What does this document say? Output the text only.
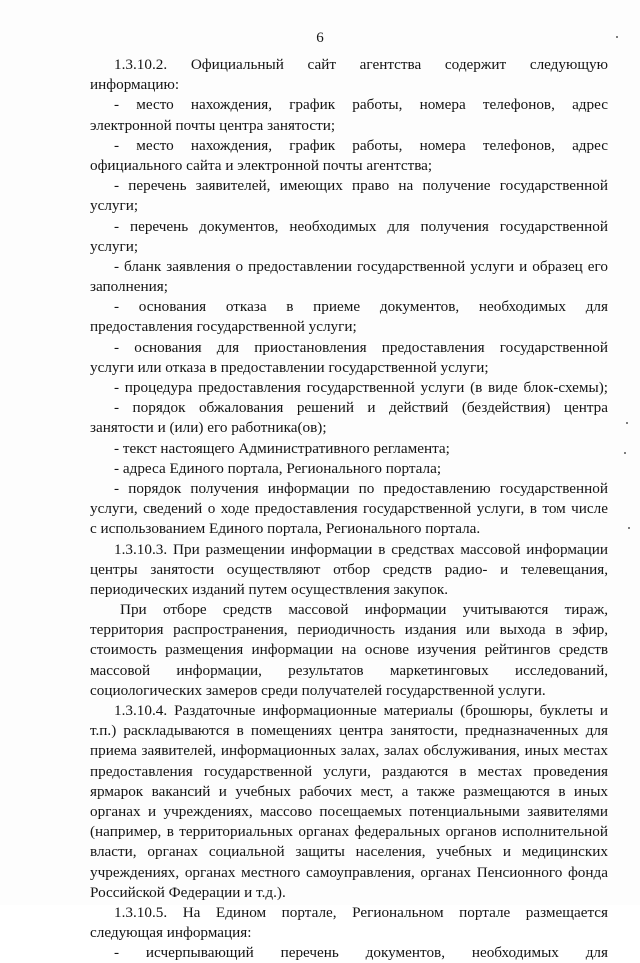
6
1.3.10.2. Официальный сайт агентства содержит следующую
информацию:
- место нахождения, график работы, номера телефонов, адрес
электронной почты центра занятости;
- место нахождения, график работы, номера телефонов, адрес
официального сайта и электронной почты агентства;
- перечень заявителей, имеющих право на получение государственной
услуги;
- перечень документов, необходимых для получения государственной
услуги;
- бланк заявления о предоставлении государственной услуги и образец его
заполнения;
- основания отказа в приеме документов, необходимых для
предоставления государственной услуги;
- основания для приостановления предоставления государственной
услуги или отказа в предоставлении государственной услуги;
- процедура предоставления государственной услуги (в виде блок-схемы);
- порядок обжалования решений и действий (бездействия) центра
занятости и (или) его работника(ов);
- текст настоящего Административного регламента;
- адреса Единого портала, Регионального портала;
- порядок получения информации по предоставлению государственной
услуги, сведений о ходе предоставления государственной услуги, в том числе
с использованием Единого портала, Регионального портала.
1.3.10.3. При размещении информации в средствах массовой информации
центры занятости осуществляют отбор средств радио- и телевещания,
периодических изданий путем осуществления закупок.
При отборе средств массовой информации учитываются тираж,
территория распространения, периодичность издания или выхода в эфир,
стоимость размещения информации на основе изучения рейтингов средств
массовой информации, результатов маркетинговых исследований,
социологических замеров среди получателей государственной услуги.
1.3.10.4. Раздаточные информационные материалы (брошюры, буклеты и
т.п.) раскладываются в помещениях центра занятости, предназначенных для
приема заявителей, информационных залах, залах обслуживания, иных местах
предоставления государственной услуги, раздаются в местах проведения
ярмарок вакансий и учебных рабочих мест, а также размещаются в иных
органах и учреждениях, массово посещаемых потенциальными заявителями
(например, в территориальных органах федеральных органов исполнительной
власти, органах социальной защиты населения, учебных и медицинских
учреждениях, органах местного самоуправления, органах Пенсионного фонда
Российской Федерации и т.д.).
1.3.10.5. На Едином портале, Региональном портале размещается
следующая информация:
- исчерпывающий перечень документов, необходимых для
